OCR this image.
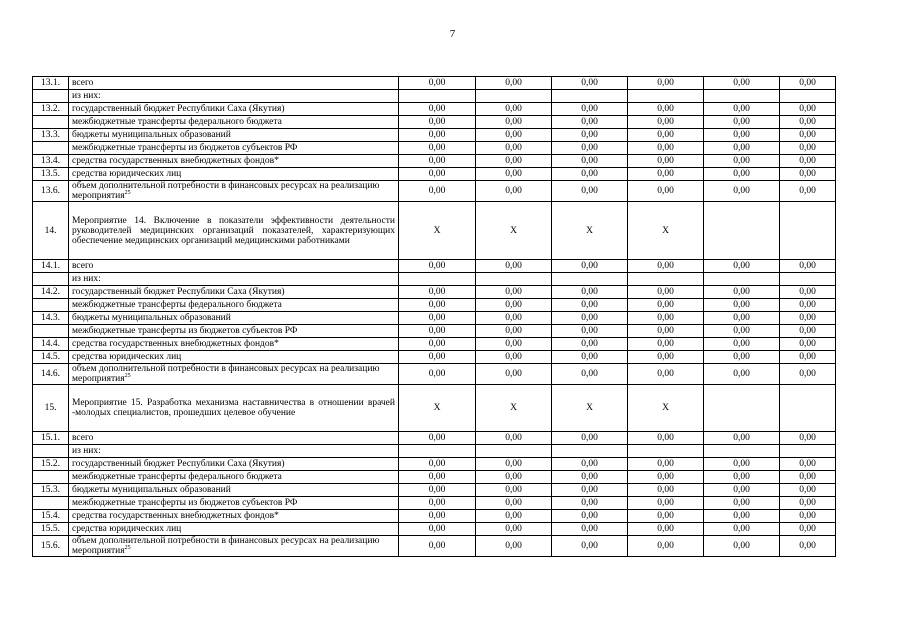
7
13.1.	всего	0,00	0,00	0,00	0,00	0,00	0,00
	из них:						
13.2.	государственный бюджет Республики Саха (Якутия)	0,00	0,00	0,00	0,00	0,00	0,00
	межбюджетные трансферты федерального бюджета	0,00	0,00	0,00	0,00	0,00	0,00
13.3.	бюджеты муниципальных образований	0,00	0,00	0,00	0,00	0,00	0,00
	межбюджетные трансферты из бюджетов субъектов РФ	0,00	0,00	0,00	0,00	0,00	0,00
13.4.	средства государственных внебюджетных фондов*	0,00	0,00	0,00	0,00	0,00	0,00
13.5.	средства юридических лиц	0,00	0,00	0,00	0,00	0,00	0,00
13.6.	объем дополнительной потребности в финансовых ресурсах на реализацию мероприятия$^{25}$	0,00	0,00	0,00	0,00	0,00	0,00
14.	Мероприятие 14. Включение в показатели эффективности деятельности руководителей медицинских организаций показателей, характеризующих обеспечение медицинских организаций медицинскими работниками	X	X	X	X		
14.1.	всего	0,00	0,00	0,00	0,00	0,00	0,00
	из них:						
14.2.	государственный бюджет Республики Саха (Якутия)	0,00	0,00	0,00	0,00	0,00	0,00
	межбюджетные трансферты федерального бюджета	0,00	0,00	0,00	0,00	0,00	0,00
14.3.	бюджеты муниципальных образований	0,00	0,00	0,00	0,00	0,00	0,00
	межбюджетные трансферты из бюджетов субъектов РФ	0,00	0,00	0,00	0,00	0,00	0,00
14.4.	средства государственных внебюджетных фондов*	0,00	0,00	0,00	0,00	0,00	0,00
14.5.	средства юридических лиц	0,00	0,00	0,00	0,00	0,00	0,00
14.6.	объем дополнительной потребности в финансовых ресурсах на реализацию мероприятия$^{25}$	0,00	0,00	0,00	0,00	0,00	0,00
15.	Мероприятие 15. Разработка механизма наставничества в отношении врачей -молодых специалистов, прошедших целевое обучение	X	X	X	X		
15.1.	всего	0,00	0,00	0,00	0,00	0,00	0,00
	из них:						
15.2.	государственный бюджет Республики Саха (Якутия)	0,00	0,00	0,00	0,00	0,00	0,00
	межбюджетные трансферты федерального бюджета	0,00	0,00	0,00	0,00	0,00	0,00
15.3.	бюджеты муниципальных образований	0,00	0,00	0,00	0,00	0,00	0,00
	межбюджетные трансферты из бюджетов субъектов РФ	0,00	0,00	0,00	0,00	0,00	0,00
15.4.	средства государственных внебюджетных фондов*	0,00	0,00	0,00	0,00	0,00	0,00
15.5.	средства юридических лиц	0,00	0,00	0,00	0,00	0,00	0,00
15.6.	объем дополнительной потребности в финансовых ресурсах на реализацию мероприятия$^{25}$	0,00	0,00	0,00	0,00	0,00	0,00
